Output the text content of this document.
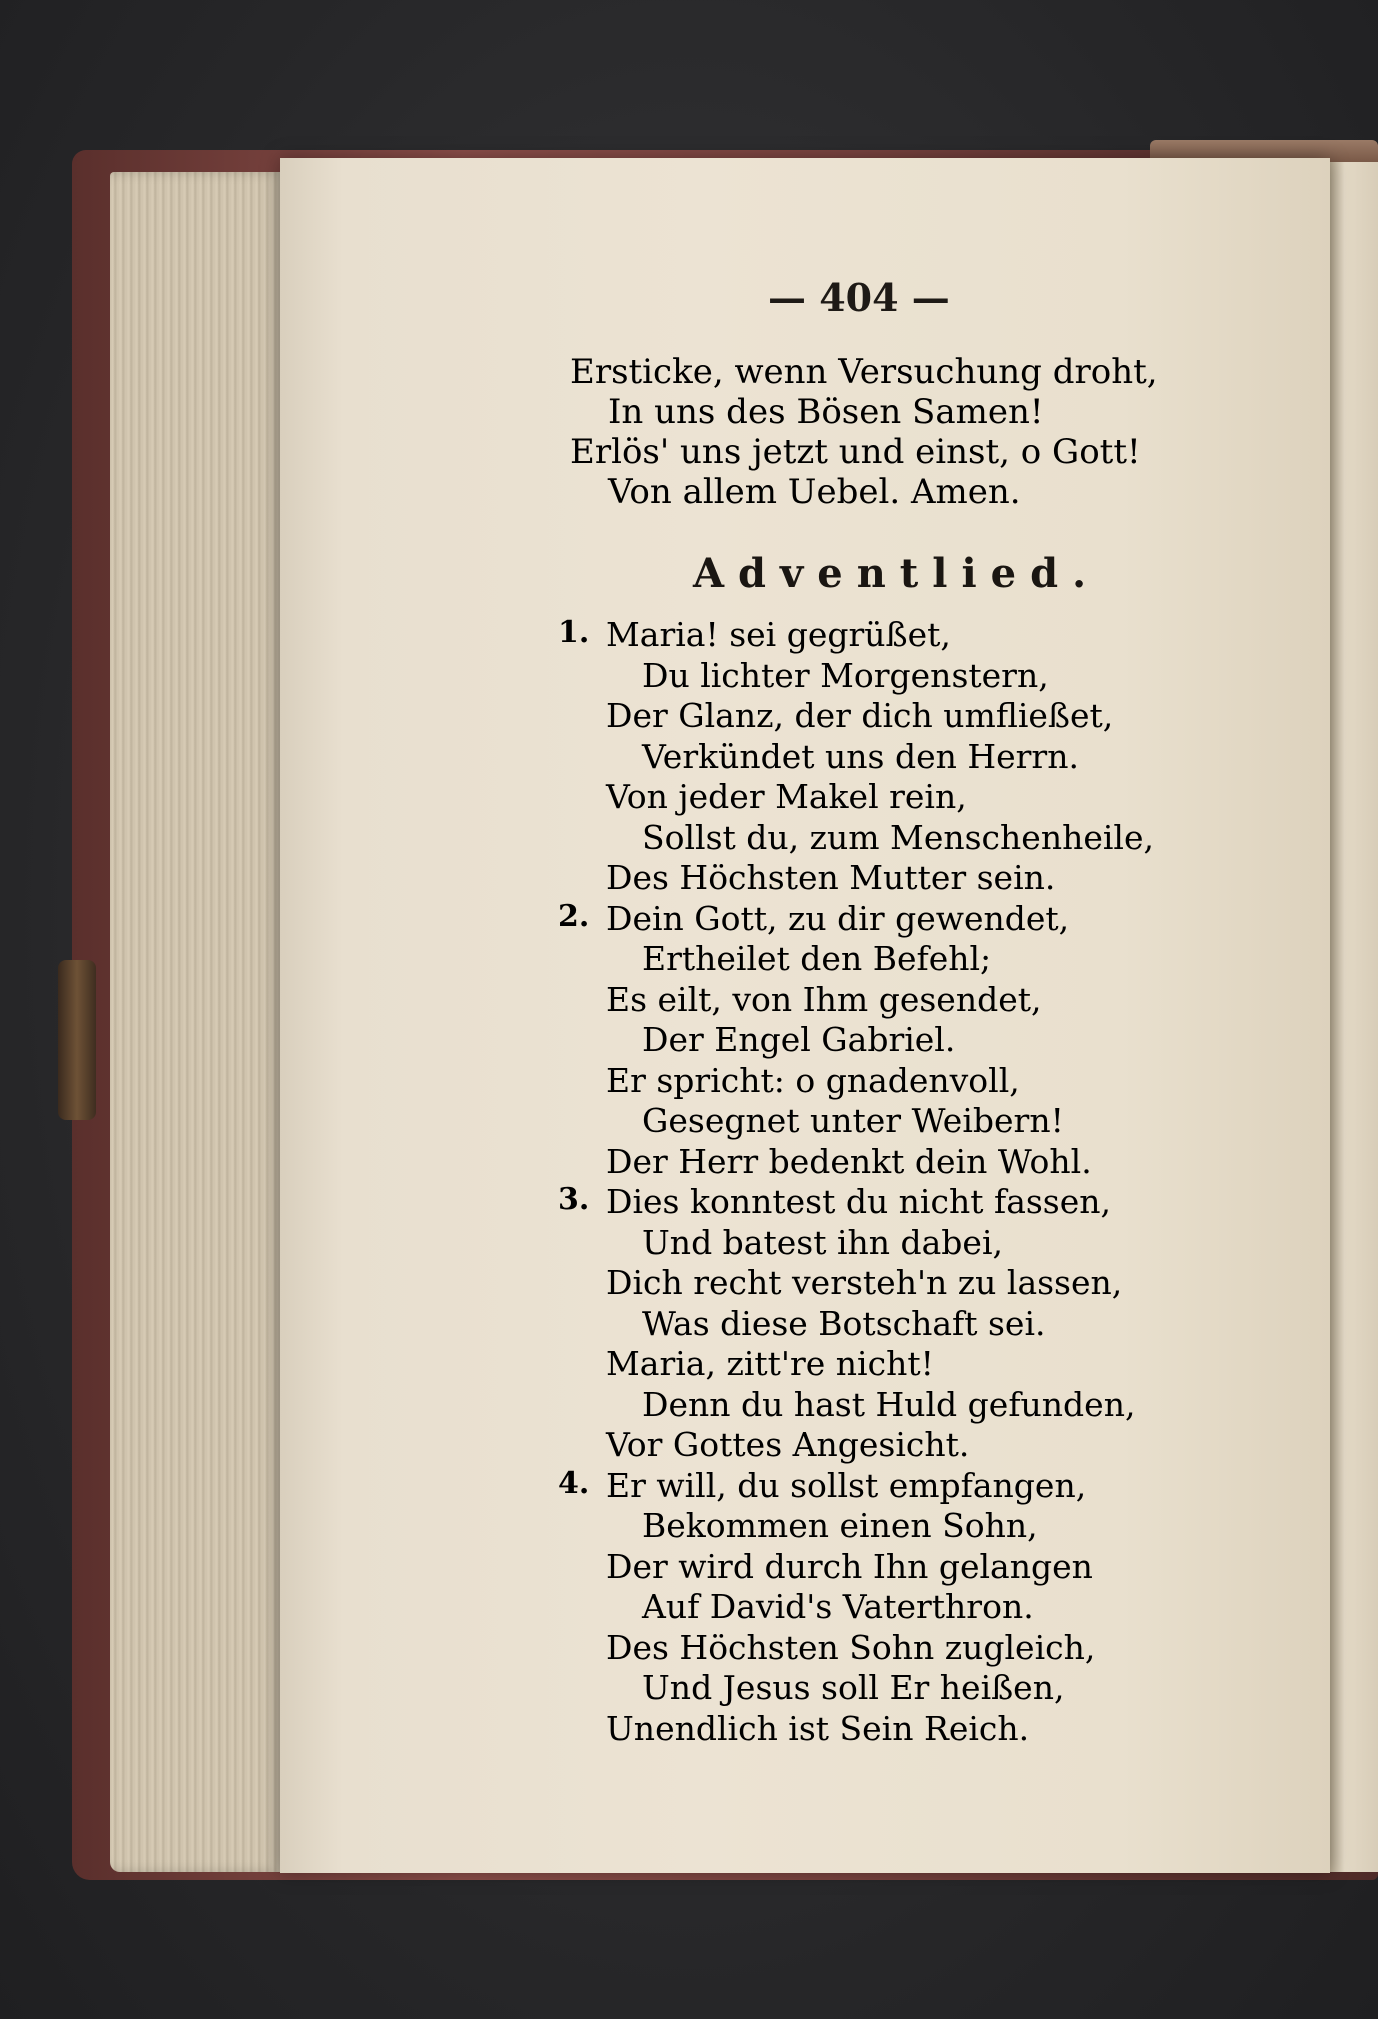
— 404 —
Ersticke, wenn Versuchung droht,
In uns des Bösen Samen!
Erlös' uns jetzt und einst, o Gott!
Von allem Uebel. Amen.
Adventlied.
1. Maria! sei gegrüßet,
Du lichter Morgenstern,
Der Glanz, der dich umfließet,
Verkündet uns den Herrn.
Von jeder Makel rein,
Sollst du, zum Menschenheile,
Des Höchsten Mutter sein.
2. Dein Gott, zu dir gewendet,
Ertheilet den Befehl;
Es eilt, von Ihm gesendet,
Der Engel Gabriel.
Er spricht: o gnadenvoll,
Gesegnet unter Weibern!
Der Herr bedenkt dein Wohl.
3. Dies konntest du nicht fassen,
Und batest ihn dabei,
Dich recht versteh'n zu lassen,
Was diese Botschaft sei.
Maria, zitt're nicht!
Denn du hast Huld gefunden,
Vor Gottes Angesicht.
4. Er will, du sollst empfangen,
Bekommen einen Sohn,
Der wird durch Ihn gelangen
Auf David's Vaterthron.
Des Höchsten Sohn zugleich,
Und Jesus soll Er heißen,
Unendlich ist Sein Reich.
